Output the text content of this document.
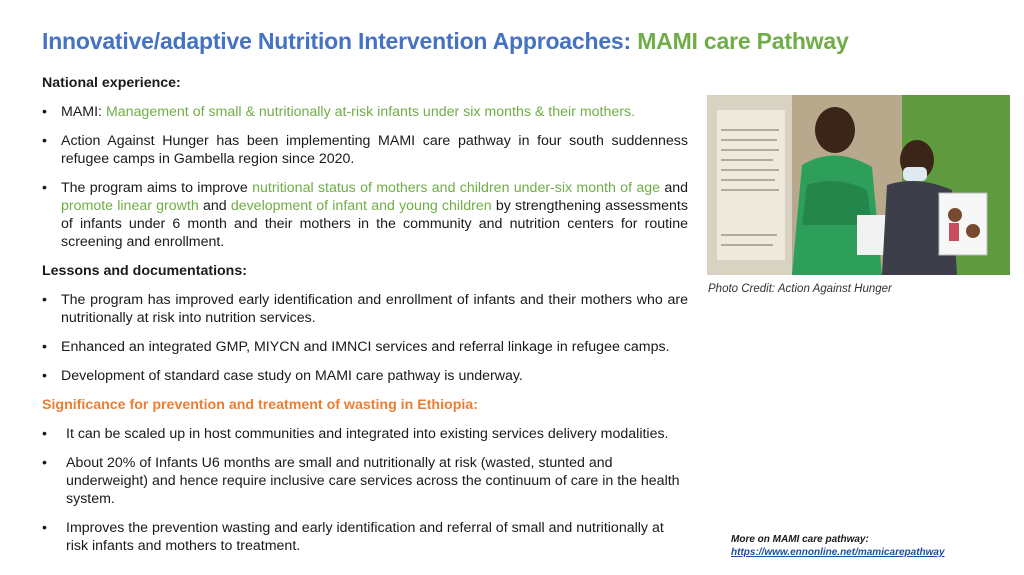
Innovative/adaptive Nutrition Intervention Approaches: MAMI care Pathway

National experience:

• MAMI: Management of small & nutritionally at-risk infants under six months & their mothers.
• Action Against Hunger has been implementing MAMI care pathway in four south suddenness refugee camps in Gambella region since 2020.
• The program aims to improve nutritional status of mothers and children under-six month of age and promote linear growth and development of infant and young children by strengthening assessments of infants under 6 month and their mothers in the community and nutrition centers for routine screening and enrollment.

Lessons and documentations:

• The program has improved early identification and enrollment of infants and their mothers who are nutritionally at risk into nutrition services.
• Enhanced an integrated GMP, MIYCN and IMNCI services and referral linkage in refugee camps.
• Development of standard case study on MAMI care pathway is underway.

Significance for prevention and treatment of wasting in Ethiopia:

• It can be scaled up in host communities and integrated into existing services delivery modalities.
• About 20% of Infants U6 months are small and nutritionally at risk (wasted, stunted and underweight) and hence require inclusive care services across the continuum of care in the health system.
• Improves the prevention wasting and early identification and referral of small and nutritionally at risk infants and mothers to treatment.
Photo Credit: Action Against Hunger
More on MAMI care pathway:
https://www.ennonline.net/mamicarepathway
